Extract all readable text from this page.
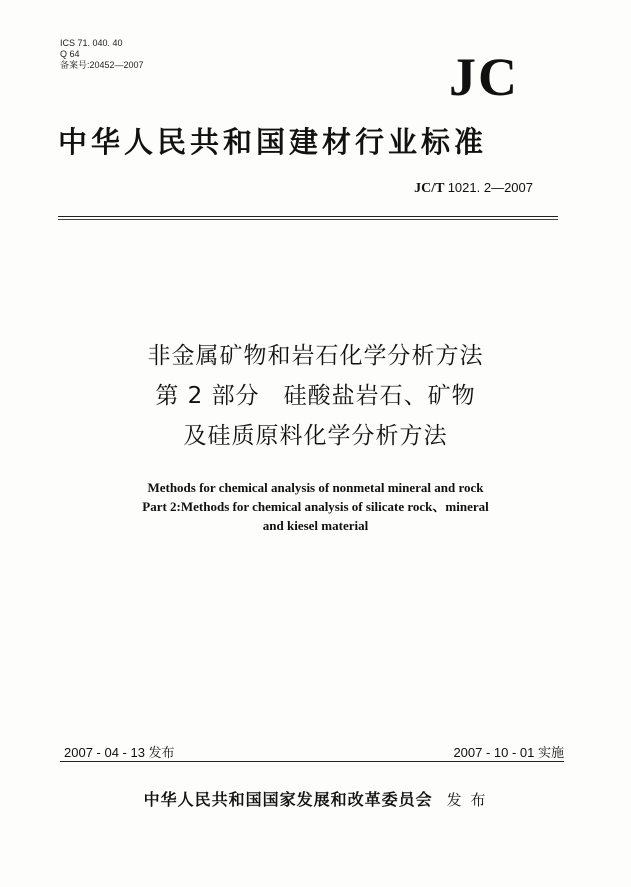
ICS 71. 040. 40
Q 64
备案号:20452—2007	JC
中华人民共和国建材行业标准
JC/T 1021. 2—2007
非金属矿物和岩石化学分析方法
第 2 部分　硅酸盐岩石、矿物
及硅质原料化学分析方法
Methods for chemical analysis of nonmetal mineral and rock
Part 2:Methods for chemical analysis of silicate rock、mineral
and kiesel material
2007 - 04 - 13 发布	2007 - 10 - 01 实施
中华人民共和国国家发展和改革委员会 发 布
